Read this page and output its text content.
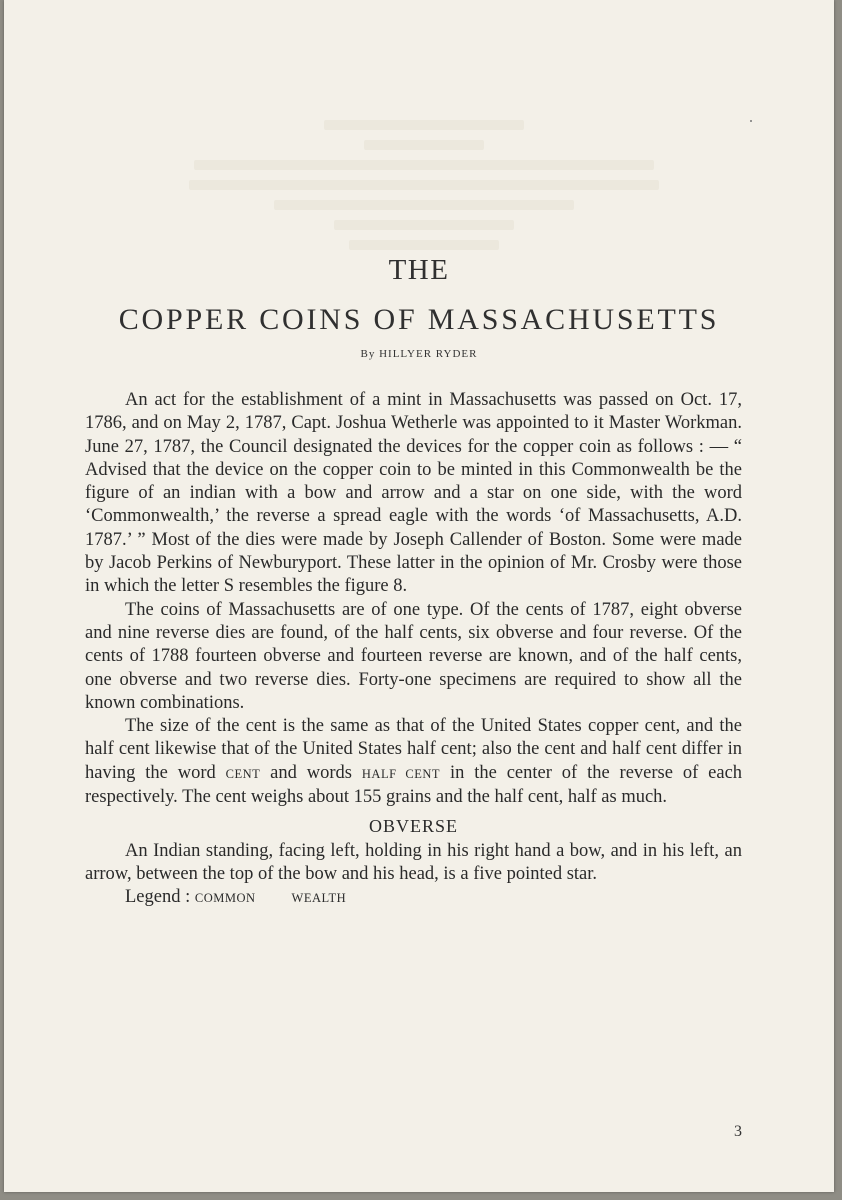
THE
COPPER COINS OF MASSACHUSETTS
By HILLYER RYDER

An act for the establishment of a mint in Massachusetts was passed on Oct. 17, 1786, and on May 2, 1787, Capt. Joshua Wetherle was appointed to it Master Workman. June 27, 1787, the Council designated the devices for the copper coin as follows : — “ Advised that the device on the copper coin to be minted in this Commonwealth be the figure of an indian with a bow and arrow and a star on one side, with the word ‘Commonwealth,’ the reverse a spread eagle with the words ‘of Massachusetts, A.D. 1787.’ ” Most of the dies were made by Joseph Callender of Boston. Some were made by Jacob Perkins of Newburyport. These latter in the opinion of Mr. Crosby were those in which the letter S resembles the figure 8.

The coins of Massachusetts are of one type. Of the cents of 1787, eight obverse and nine reverse dies are found, of the half cents, six obverse and four reverse. Of the cents of 1788 fourteen obverse and fourteen reverse are known, and of the half cents, one obverse and two reverse dies. Forty-one specimens are required to show all the known combinations.

The size of the cent is the same as that of the United States copper cent, and the half cent likewise that of the United States half cent; also the cent and half cent differ in having the word CENT and words HALF CENT in the center of the reverse of each respectively. The cent weighs about 155 grains and the half cent, half as much.

OBVERSE

An Indian standing, facing left, holding in his right hand a bow, and in his left, an arrow, between the top of the bow and his head, is a five pointed star.

Legend : COMMON	WEALTH

3
